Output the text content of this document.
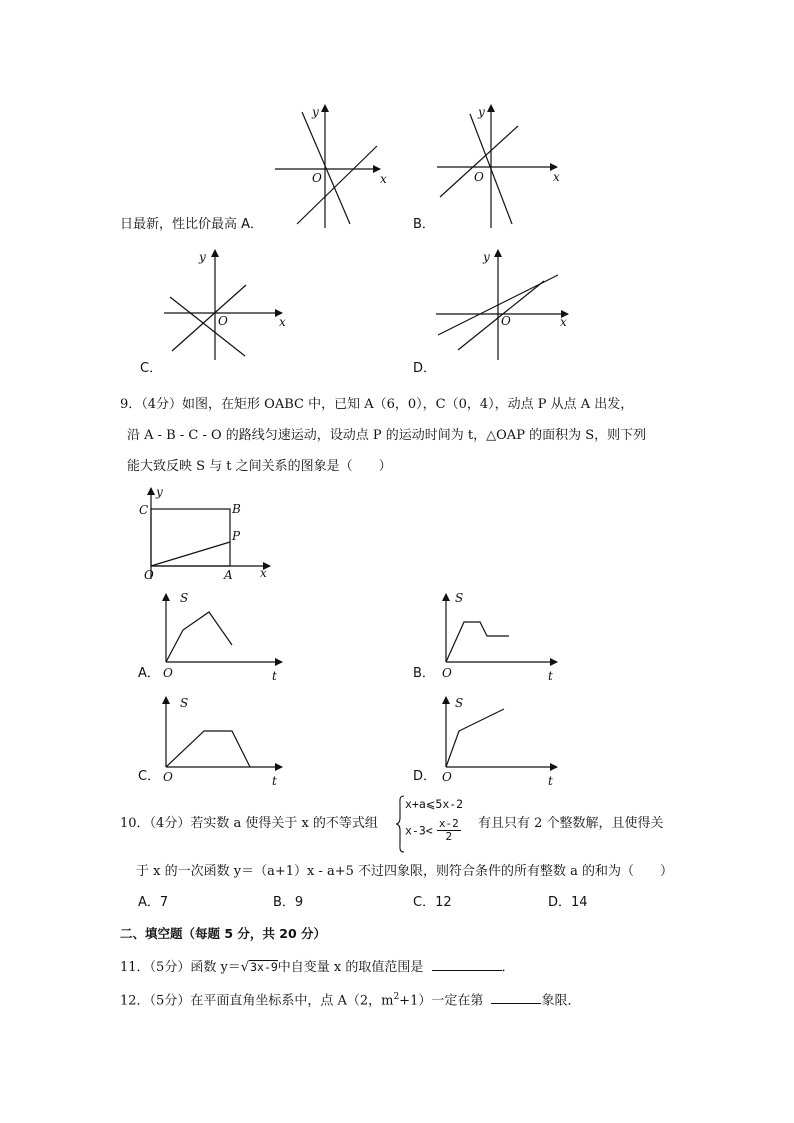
y
x
O
日最新，性比价最高 A．
y
x
O
B．
y
x
O
C．
y
x
O
D．
9．（4分）如图，在矩形 OABC 中，已知 A（6，0），C（0，4），动点 P 从点 A 出发，
沿 A - B - C - O 的路线匀速运动，设动点 P 的运动时间为 t，△OAP 的面积为 S，则下列
能大致反映 S 与 t 之间关系的图象是（　　）
y
C	B
P
O	A x
S
O	t
A．
S
O	t
B．
S
O	t
C．
S
O	t
D．
10．（4分）若实数 a 使得关于 x 的不等式组
x+a⩽5x-2
$x-3< \frac{x-2}{2}$ 有且只有 2 个整数解，且使得关
于 x 的一次函数 y＝（a+1）x - a+5 不过四象限，则符合条件的所有整数 a 的和为（　　）
A．7	B．9	C．12	D．14
二、填空题（每题 5 分，共 20 分）
11．（5分）函数 y＝√3x-9中自变量 x 的取值范围是	．
12．（5分）在平面直角坐标系中，点 A（2，$m^2+1$）一定在第	象限．
